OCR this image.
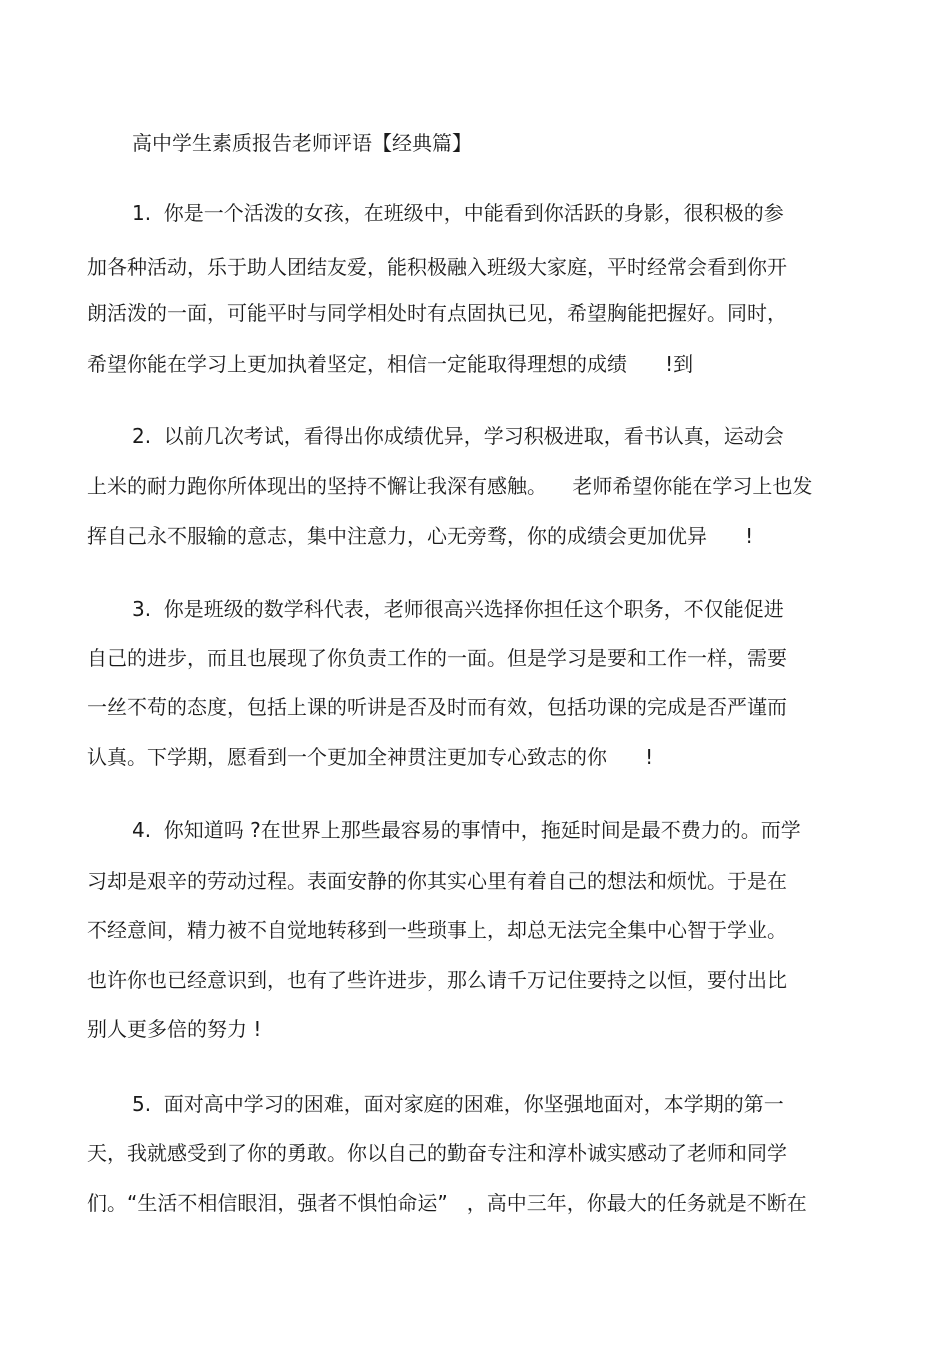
高中学生素质报告老师评语【经典篇】
1.  你是一个活泼的女孩，在班级中，中能看到你活跃的身影，很积极的参
加各种活动，乐于助人团结友爱，能积极融入班级大家庭，平时经常会看到你开
朗活泼的一面，可能平时与同学相处时有点固执已见，希望胸能把握好。同时，
希望你能在学习上更加执着坚定，相信一定能取得理想的成绩      !到
2.  以前几次考试，看得出你成绩优异，学习积极进取，看书认真，运动会
上米的耐力跑你所体现出的坚持不懈让我深有感触。    老师希望你能在学习上也发
挥自己永不服输的意志，集中注意力，心无旁骛，你的成绩会更加优异      !
3.  你是班级的数学科代表，老师很高兴选择你担任这个职务，不仅能促进
自己的进步，而且也展现了你负责工作的一面。但是学习是要和工作一样，需要
一丝不苟的态度，包括上课的听讲是否及时而有效，包括功课的完成是否严谨而
认真。下学期，愿看到一个更加全神贯注更加专心致志的你      !
4.  你知道吗 ?在世界上那些最容易的事情中，拖延时间是最不费力的。而学
习却是艰辛的劳动过程。表面安静的你其实心里有着自己的想法和烦忧。于是在
不经意间，精力被不自觉地转移到一些琐事上，却总无法完全集中心智于学业。
也许你也已经意识到，也有了些许进步，那么请千万记住要持之以恒，要付出比
别人更多倍的努力 !
5.  面对高中学习的困难，面对家庭的困难，你坚强地面对，本学期的第一
天，我就感受到了你的勇敢。你以自己的勤奋专注和淳朴诚实感动了老师和同学
们。“生活不相信眼泪，强者不惧怕命运”   ，高中三年，你最大的任务就是不断在
